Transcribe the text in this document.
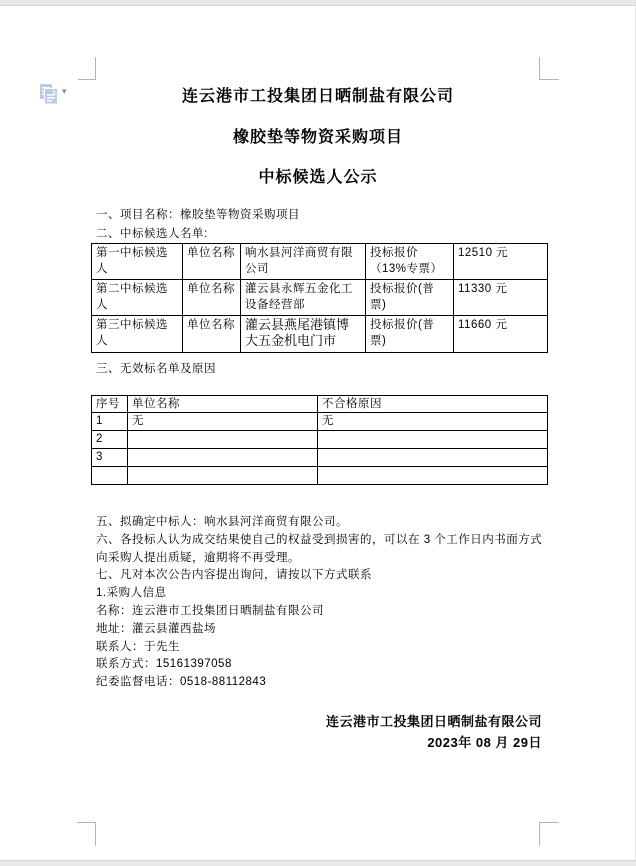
▾	连云港市工投集团日晒制盐有限公司
橡胶垫等物资采购项目
中标候选人公示
一、项目名称：橡胶垫等物资采购项目
二、中标候选人名单:
第一中标候选人	单位名称	响水县河洋商贸有限公司	投标报价（13%专票）	12510 元
第二中标候选人	单位名称	灌云县永辉五金化工设备经营部	投标报价(普票)	11330 元
第三中标候选人	单位名称	灌云县燕尾港镇博大五金机电门市	投标报价(普票)	11660 元
三、无效标名单及原因
序号	单位名称	不合格原因
1	无	无
2		
3		

五、拟确定中标人：响水县河洋商贸有限公司。
六、各投标人认为成交结果使自己的权益受到损害的，可以在 3 个工作日内书面方式向采购人提出质疑，逾期将不再受理。
七、凡对本次公告内容提出询问，请按以下方式联系
1.采购人信息
名称：连云港市工投集团日晒制盐有限公司
地址：灌云县灌西盐场
联系人：于先生
联系方式：15161397058
纪委监督电话：0518-88112843
连云港市工投集团日晒制盐有限公司
2023年 08 月 29日
